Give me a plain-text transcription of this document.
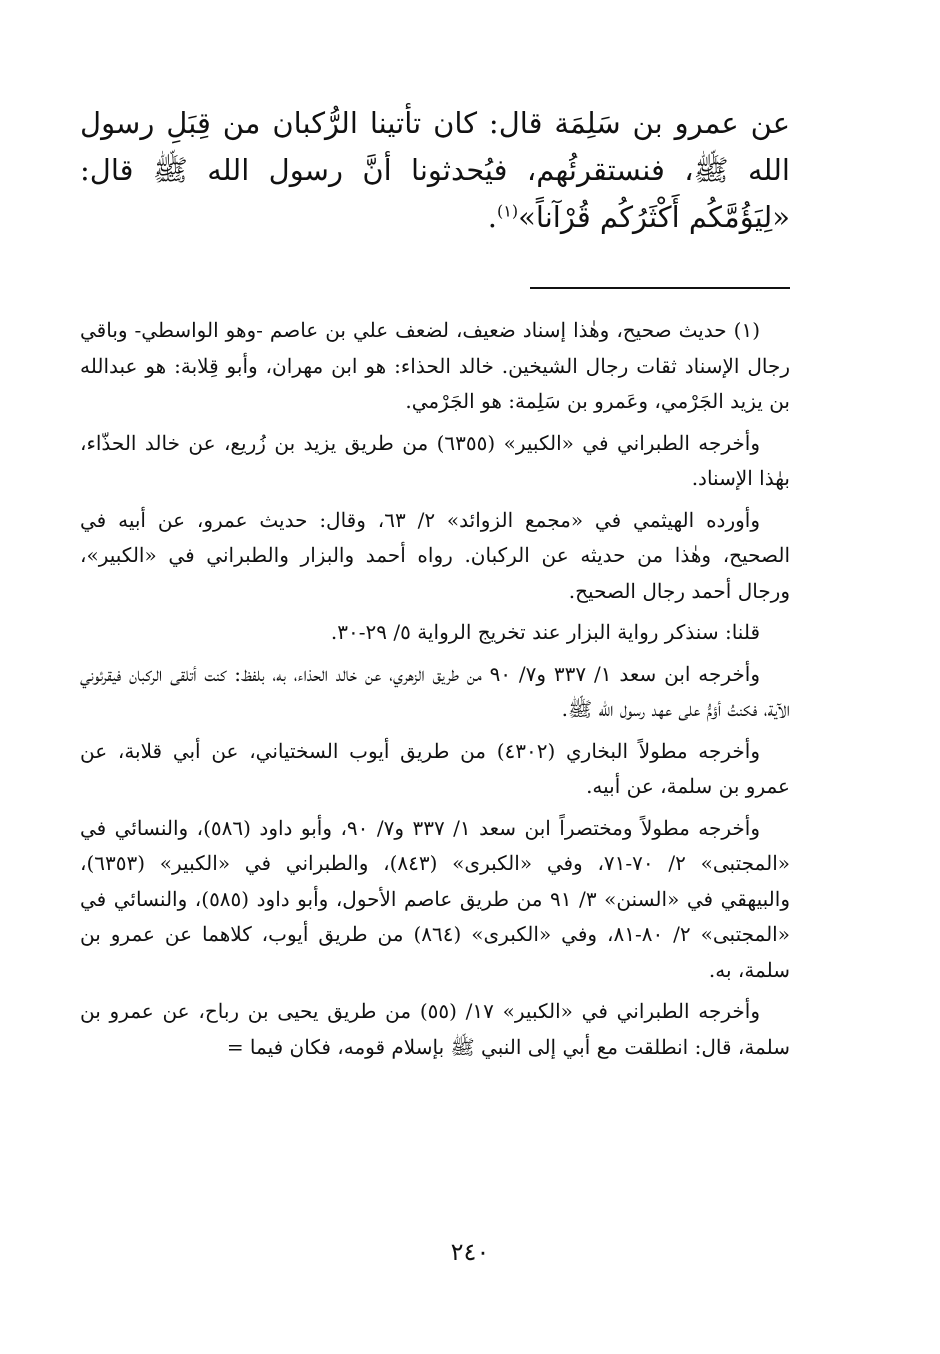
عن عمرو بن سَلِمَة قال: كان تأتينا الرُّكبان من قِبَلِ رسول الله ﷺ، فنستقرئُهم، فيُحدثونا أنَّ رسول الله ﷺ قال: «لِيَؤُمَّكُم أَكْثَرُكُم قُرْآناً»$^{(١)}$.

(١) حديث صحيح، وهٰذا إسناد ضعيف، لضعف علي بن عاصم -وهو الواسطي- وباقي رجال الإسناد ثقات رجال الشيخين. خالد الحذاء: هو ابن مهران، وأبو قِلابة: هو عبدالله بن يزيد الجَرْمي، وعَمرو بن سَلِمة: هو الجَرْمي.

وأخرجه الطبراني في «الكبير» (٦٣٥٥) من طريق يزيد بن زُريع، عن خالد الحذّاء، بهٰذا الإسناد.

وأورده الهيثمي في «مجمع الزوائد» ٢/ ٦٣، وقال: حديث عمرو، عن أبيه في الصحيح، وهٰذا من حديثه عن الركبان. رواه أحمد والبزار والطبراني في «الكبير»، ورجال أحمد رجال الصحيح.

قلنا: سنذكر رواية البزار عند تخريج الرواية ٥/ ٢٩-٣٠.

وأخرجه ابن سعد ١/ ٣٣٧ و٧/ ٩٠ من طريق الزهري، عن خالد الحذاء، به، بلفظ: كنت أتلقى الركبان فيقرئوني الآية، فكنتُ أؤمُّ على عهد رسول الله ﷺ.

وأخرجه مطولاً البخاري (٤٣٠٢) من طريق أيوب السختياني، عن أبي قلابة، عن عمرو بن سلمة، عن أبيه.

وأخرجه مطولاً ومختصراً ابن سعد ١/ ٣٣٧ و٧/ ٩٠، وأبو داود (٥٨٦)، والنسائي في «المجتبى» ٢/ ٧٠-٧١، وفي «الكبرى» (٨٤٣)، والطبراني في «الكبير» (٦٣٥٣)، والبيهقي في «السنن» ٣/ ٩١ من طريق عاصم الأحول، وأبو داود (٥٨٥)، والنسائي في «المجتبى» ٢/ ٨٠-٨١، وفي «الكبرى» (٨٦٤) من طريق أيوب، كلاهما عن عمرو بن سلمة، به.

وأخرجه الطبراني في «الكبير» ١٧/ (٥٥) من طريق يحيى بن رباح، عن عمرو بن سلمة، قال: انطلقت مع أبي إلى النبي ﷺ بإسلام قومه، فكان فيما =

٢٤٠
